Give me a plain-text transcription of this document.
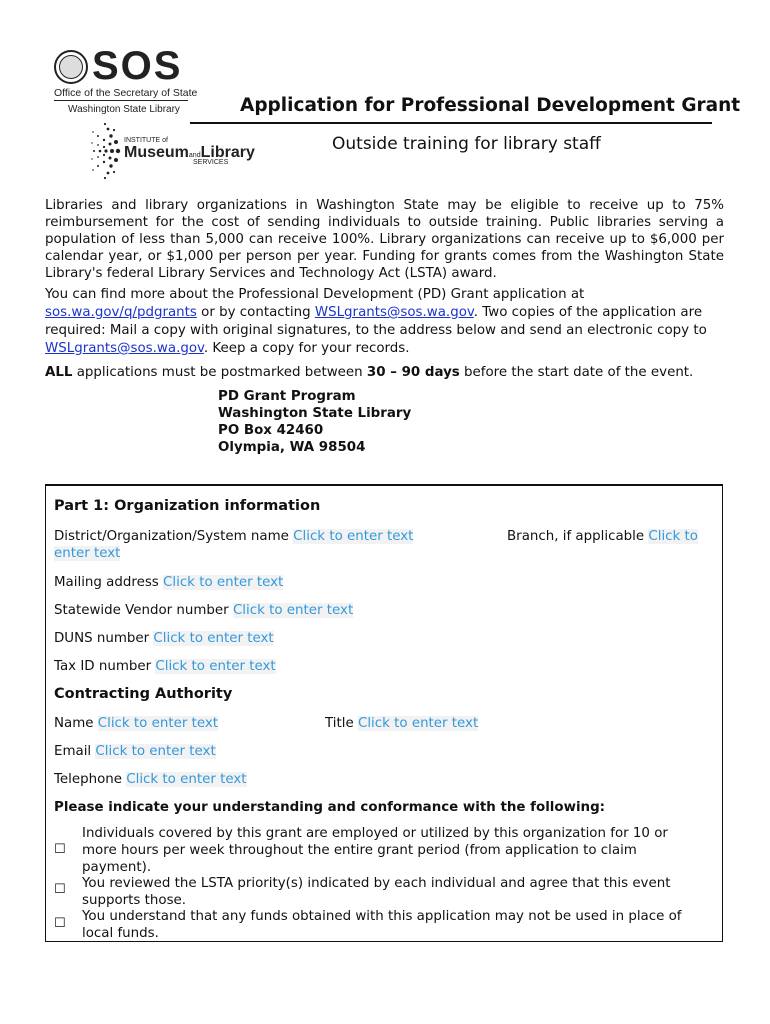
SOS
Office of the Secretary of State
Washington State Library
INSTITUTE of
MuseumandLibrary
SERVICES
Application for Professional Development Grant
Outside training for library staff
Libraries and library organizations in Washington State may be eligible to receive up to 75% reimbursement for the cost of sending individuals to outside training. Public libraries serving a population of less than 5,000 can receive 100%. Library organizations can receive up to $6,000 per calendar year, or $1,000 per person per year. Funding for grants comes from the Washington State Library's federal Library Services and Technology Act (LSTA) award.
You can find more about the Professional Development (PD) Grant application at
sos.wa.gov/q/pdgrants or by contacting WSLgrants@sos.wa.gov. Two copies of the application are required: Mail a copy with original signatures, to the address below and send an electronic copy to WSLgrants@sos.wa.gov. Keep a copy for your records.
ALL applications must be postmarked between 30 – 90 days before the start date of the event.
PD Grant Program
Washington State Library
PO Box 42460
Olympia, WA 98504
Part 1: Organization information
District/Organization/System name Click to enter text
enter text
Branch, if applicable Click to
Mailing address Click to enter text
Statewide Vendor number Click to enter text
DUNS number Click to enter text
Tax ID number Click to enter text
Contracting Authority
Name Click to enter text	Title Click to enter text
Email Click to enter text
Telephone Click to enter text
Please indicate your understanding and conformance with the following:
☐
Individuals covered by this grant are employed or utilized by this organization for 10 or
more hours per week throughout the entire grant period (from application to claim
payment).
☐ You reviewed the LSTA priority(s) indicated by each individual and agree that this event
supports those.
☐ You understand that any funds obtained with this application may not be used in place of
local funds.
